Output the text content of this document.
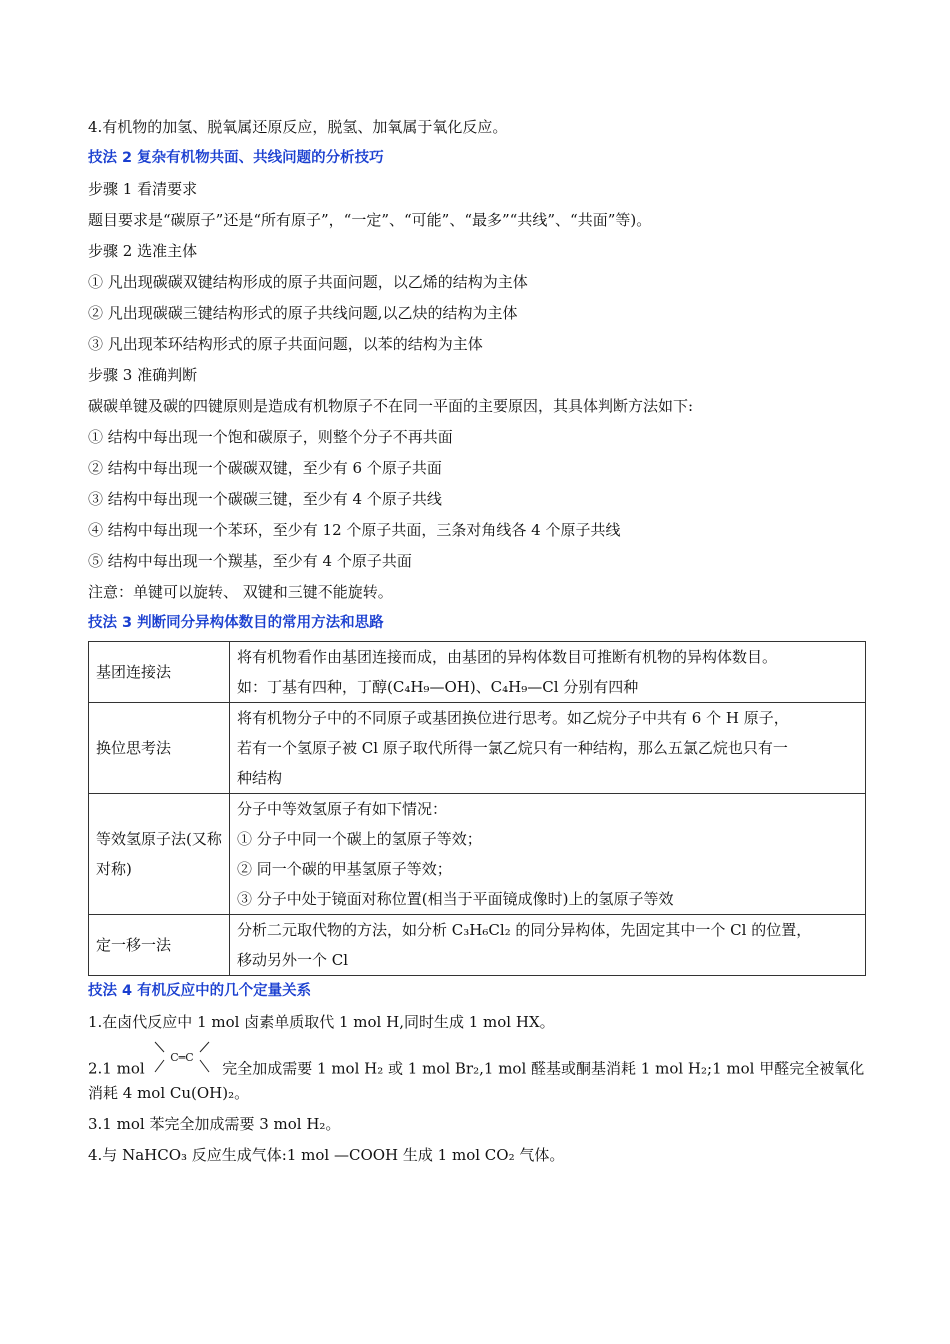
4.有机物的加氢、脱氧属还原反应，脱氢、加氧属于氧化反应。
技法 2 复杂有机物共面、共线问题的分析技巧
步骤 1 看清要求
题目要求是“碳原子”还是“所有原子”，“一定”、“可能”、“最多”“共线”、“共面”等)。
步骤 2 选准主体
① 凡出现碳碳双键结构形成的原子共面问题，以乙烯的结构为主体
② 凡出现碳碳三键结构形式的原子共线问题,以乙炔的结构为主体
③ 凡出现苯环结构形式的原子共面问题，以苯的结构为主体
步骤 3 准确判断
碳碳单键及碳的四键原则是造成有机物原子不在同一平面的主要原因，其具体判断方法如下:
① 结构中每出现一个饱和碳原子，则整个分子不再共面
② 结构中每出现一个碳碳双键，至少有 6 个原子共面
③ 结构中每出现一个碳碳三键，至少有 4 个原子共线
④ 结构中每出现一个苯环，至少有 12 个原子共面，三条对角线各 4 个原子共线
⑤ 结构中每出现一个羰基，至少有 4 个原子共面
注意：单键可以旋转、 双键和三键不能旋转。
技法 3 判断同分异构体数目的常用方法和思路
基团连接法	将有机物看作由基团连接而成，由基团的异构体数目可推断有机物的异构体数目。
如：丁基有四种，丁醇(C₄H₉—OH)、C₄H₉—Cl 分别有四种

换位思考法	将有机物分子中的不同原子或基团换位进行思考。如乙烷分子中共有 6 个 H 原子，
若有一个氢原子被 Cl 原子取代所得一氯乙烷只有一种结构，那么五氯乙烷也只有一
种结构

等效氢原子法(又称对称)	分子中等效氢原子有如下情况：
① 分子中同一个碳上的氢原子等效；
② 同一个碳的甲基氢原子等效；
③ 分子中处于镜面对称位置(相当于平面镜成像时)上的氢原子等效

定一移一法	分析二元取代物的方法，如分析 C₃H₆Cl₂ 的同分异构体，先固定其中一个 Cl 的位置，
移动另外一个 Cl
技法 4 有机反应中的几个定量关系
1.在卤代反应中 1 mol 卤素单质取代 1 mol H,同时生成 1 mol HX。
2.1 mol
C═C
完全加成需要 1 mol H₂ 或 1 mol Br₂,1 mol 醛基或酮基消耗 1 mol H₂;1 mol 甲醛完全被氧化
消耗 4 mol Cu(OH)₂。
3.1 mol 苯完全加成需要 3 mol H₂。
4.与 NaHCO₃ 反应生成气体:1 mol —COOH 生成 1 mol CO₂ 气体。
